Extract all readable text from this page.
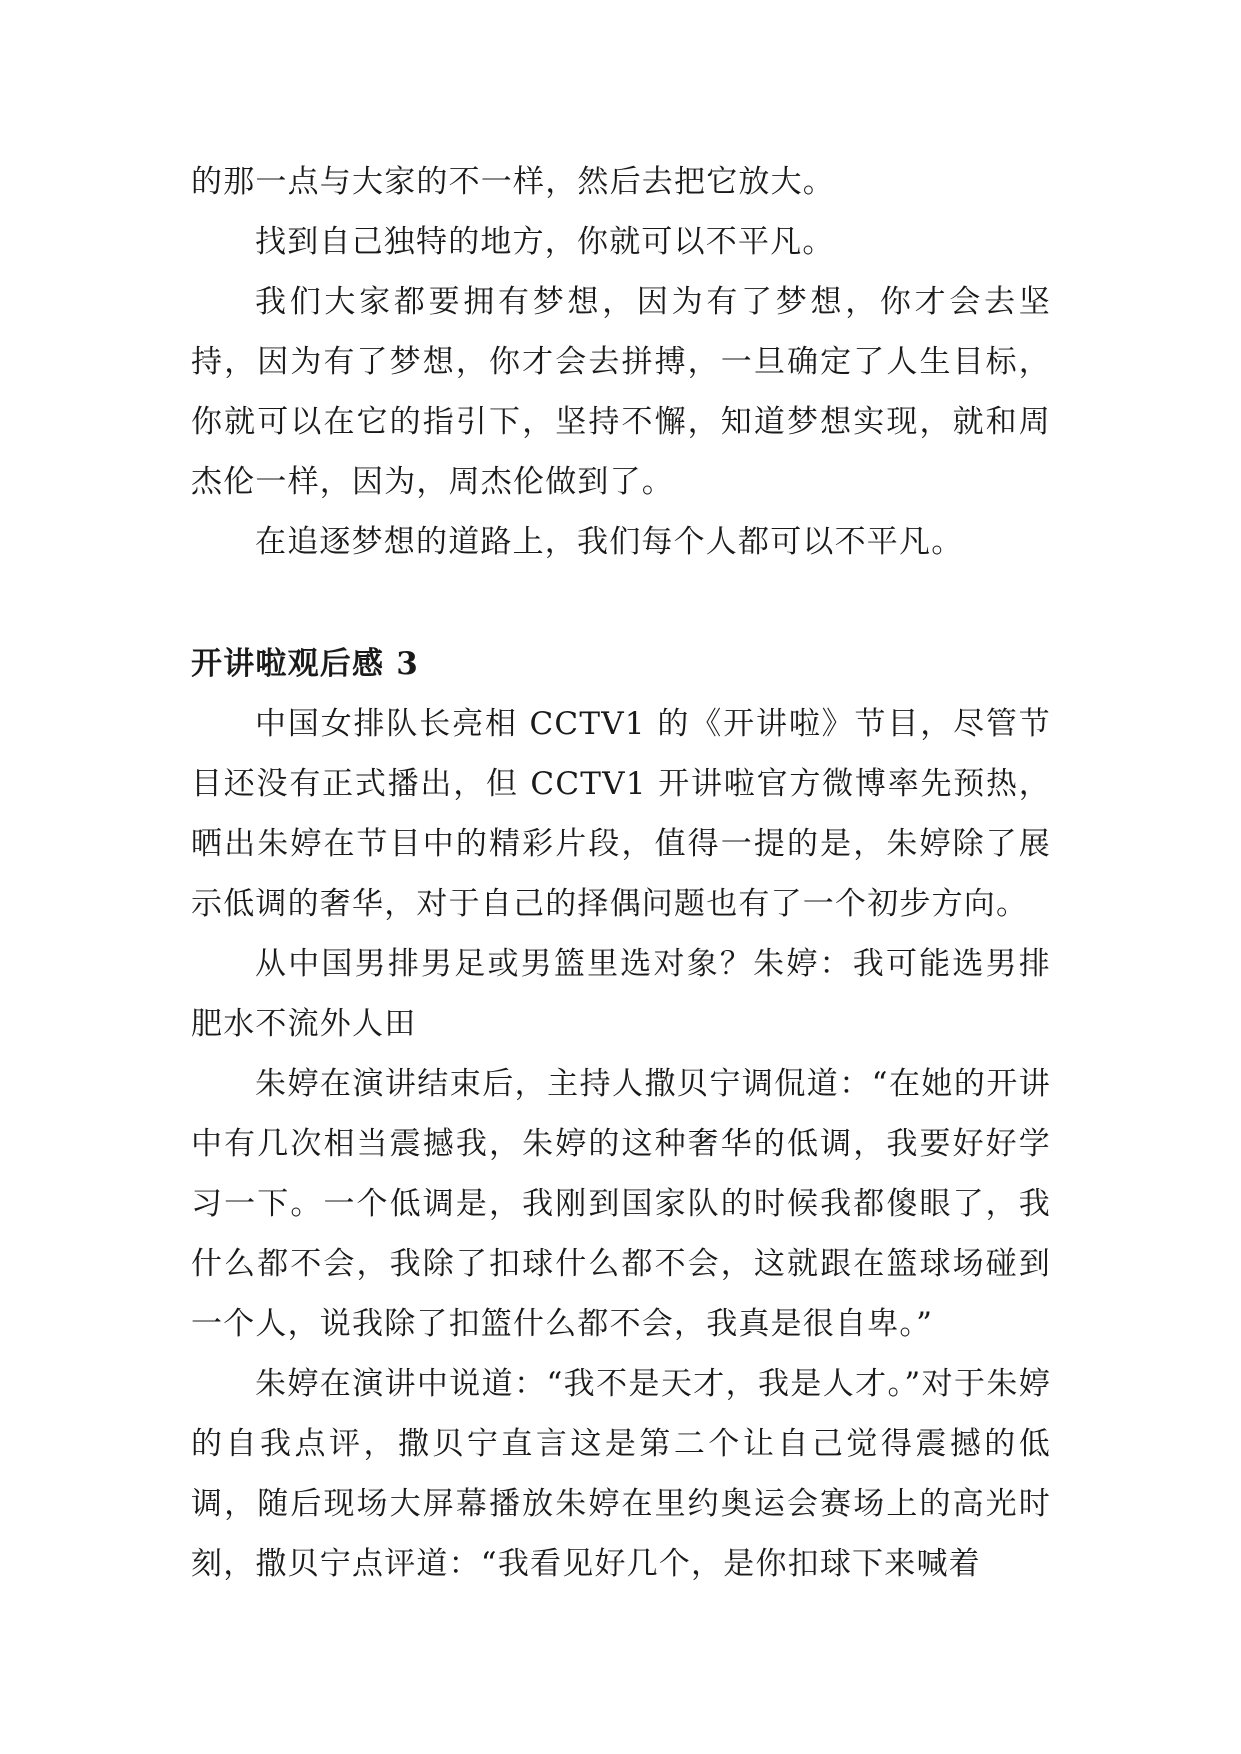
的那一点与大家的不一样，然后去把它放大。

找到自己独特的地方，你就可以不平凡。

我们大家都要拥有梦想，因为有了梦想，你才会去坚持，因为有了梦想，你才会去拼搏，一旦确定了人生目标，你就可以在它的指引下，坚持不懈，知道梦想实现，就和周杰伦一样，因为，周杰伦做到了。

在追逐梦想的道路上，我们每个人都可以不平凡。

开讲啦观后感 3

中国女排队长亮相 CCTV1 的《开讲啦》节目，尽管节目还没有正式播出，但 CCTV1 开讲啦官方微博率先预热，晒出朱婷在节目中的精彩片段，值得一提的是，朱婷除了展示低调的奢华，对于自己的择偶问题也有了一个初步方向。

从中国男排男足或男篮里选对象？朱婷：我可能选男排肥水不流外人田

朱婷在演讲结束后，主持人撒贝宁调侃道：“在她的开讲中有几次相当震撼我，朱婷的这种奢华的低调，我要好好学习一下。一个低调是，我刚到国家队的时候我都傻眼了，我什么都不会，我除了扣球什么都不会，这就跟在篮球场碰到一个人，说我除了扣篮什么都不会，我真是很自卑。”

朱婷在演讲中说道：“我不是天才，我是人才。”对于朱婷的自我点评，撒贝宁直言这是第二个让自己觉得震撼的低调，随后现场大屏幕播放朱婷在里约奥运会赛场上的高光时刻，撒贝宁点评道：“我看见好几个，是你扣球下来喊着
